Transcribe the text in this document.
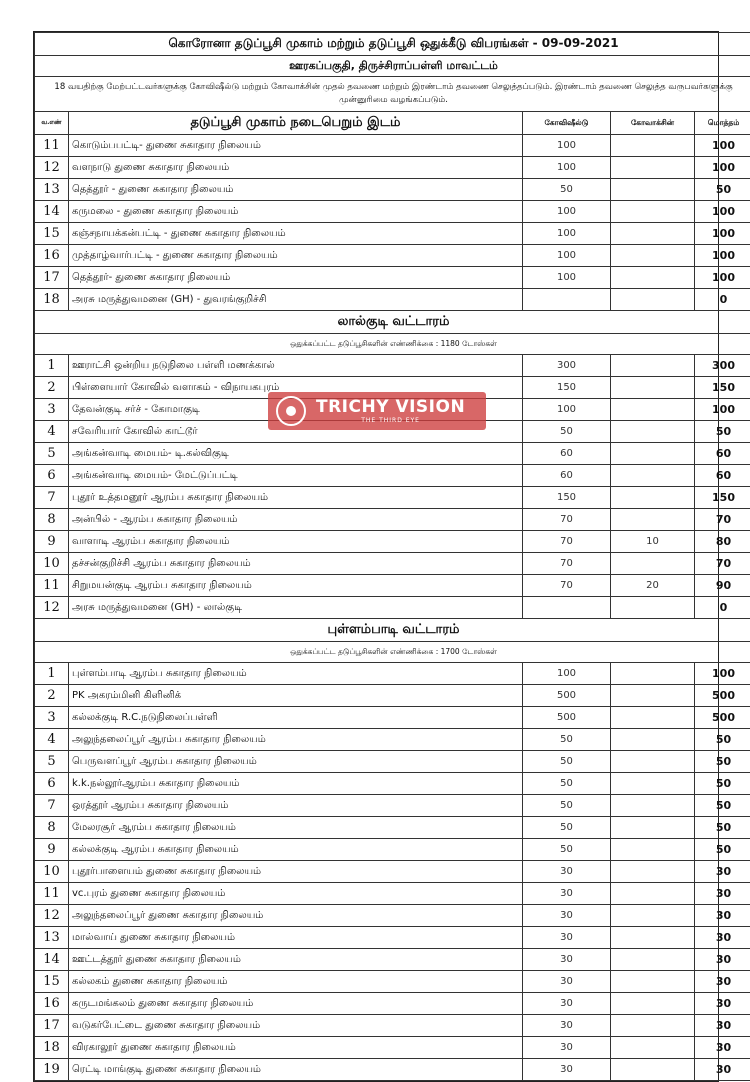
கொரோனா தடுப்பூசி முகாம் மற்றும் தடுப்பூசி ஒதுக்கீடு விபரங்கள் - 09-09-2021				
ஊரகப்பகுதி, திருச்சிராப்பள்ளி மாவட்டம்				
18 வயதிற்கு மேற்பட்டவர்களுக்கு கோவிஷீல்டு மற்றும் கோவாக்சின் முதல் தவணை மற்றும் இரண்டாம் தவணை செலுத்தப்படும். இரண்டாம் தவணை செலுத்த வருபவர்களுக்கு முன்னுரிமை வழங்கப்படும்.				
வ.எண்	தடுப்பூசி முகாம் நடைபெறும் இடம்	கோவிஷீல்டு	கோவாக்சின்	மொத்தம்
11	கொடும்பபட்டி- துணை சுகாதார நிலையம்	100		100
12	வளநாடு துணை சுகாதார நிலையம்	100		100
13	தெத்தூர் - துணை சுகாதார நிலையம்	50		50
14	கருமலை - துணை சுகாதார நிலையம்	100		100
15	கஞ்சநாயக்கன்பட்டி - துணை சுகாதார நிலையம்	100		100
16	முத்தாழ்வார்பட்டி - துணை சுகாதார நிலையம்	100		100
17	தெத்தூர்- துணை சுகாதார நிலையம்	100		100
18	அரசு மருத்துவமனை (GH) - துவரங்குறிச்சி			0
லால்குடி வட்டாரம்				
ஒதுக்கப்பட்ட தடுப்பூசிகளின் எண்ணிக்கை : 1180 டோஸ்கள்				
1	ஊராட்சி ஒன்றிய நடுநிலை பள்ளி மணக்கால்	300		300
2	பிள்ளையார் கோவில் வளாகம் - விநாயகபுரம்	150		150
3	தேவன்குடி சர்ச் - கோமாகுடி	100		100
4	சவேரியார் கோவில் காட்டூர்	50		50
5	அங்கன்வாடி மையம்- டி.கல்விகுடி	60		60
6	அங்கன்வாடி மையம்- மேட்டுப்பட்டி	60		60
7	புதூர் உத்தமனூர் ஆரம்ப சுகாதார நிலையம்	150		150
8	அன்பில் - ஆரம்ப சுகாதார நிலையம்	70		70
9	வாளாடி ஆரம்ப சுகாதார நிலையம்	70	10	80
10	தச்சன்குறிச்சி ஆரம்ப சுகாதார நிலையம்	70		70
11	சிறுமயன்குடி ஆரம்ப சுகாதார நிலையம்	70	20	90
12	அரசு மருத்துவமனை (GH) - லால்குடி			0
புள்ளம்பாடி வட்டாரம்				
ஒதுக்கப்பட்ட தடுப்பூசிகளின் எண்ணிக்கை : 1700 டோஸ்கள்				
1	புள்ளம்பாடி ஆரம்ப சுகாதார நிலையம்	100		100
2	PK அகரம்மினி கிளினிக்	500		500
3	கல்லக்குடி R.C.நடுநிலைப்பள்ளி	500		500
4	அலுந்தலைப்பூர் ஆரம்ப சுகாதார நிலையம்	50		50
5	பெருவளப்பூர் ஆரம்ப சுகாதார நிலையம்	50		50
6	k.k.நல்லூர்ஆரம்ப சுகாதார நிலையம்	50		50
7	ஒரத்தூர் ஆரம்ப சுகாதார நிலையம்	50		50
8	மேலரசூர் ஆரம்ப சுகாதார நிலையம்	50		50
9	கல்லக்குடி ஆரம்ப சுகாதார நிலையம்	50		50
10	புதூர்பாளையம் துணை சுகாதார நிலையம்	30		30
11	vc.புரம் துணை சுகாதார நிலையம்	30		30
12	அலுந்தலைப்பூர் துணை சுகாதார நிலையம்	30		30
13	மால்வாய் துணை சுகாதார நிலையம்	30		30
14	ஊட்டத்தூர் துணை சுகாதார நிலையம்	30		30
15	கல்லகம் துணை சுகாதார நிலையம்	30		30
16	கருடமங்கலம் துணை சுகாதார நிலையம்	30		30
17	வடுகர்பேட்டை துணை சுகாதார நிலையம்	30		30
18	விரகாலூர் துணை சுகாதார நிலையம்	30		30
19	ரெட்டி மாங்குடி துணை சுகாதார நிலையம்	30		30
TRICHY VISION
THE THIRD EYE
